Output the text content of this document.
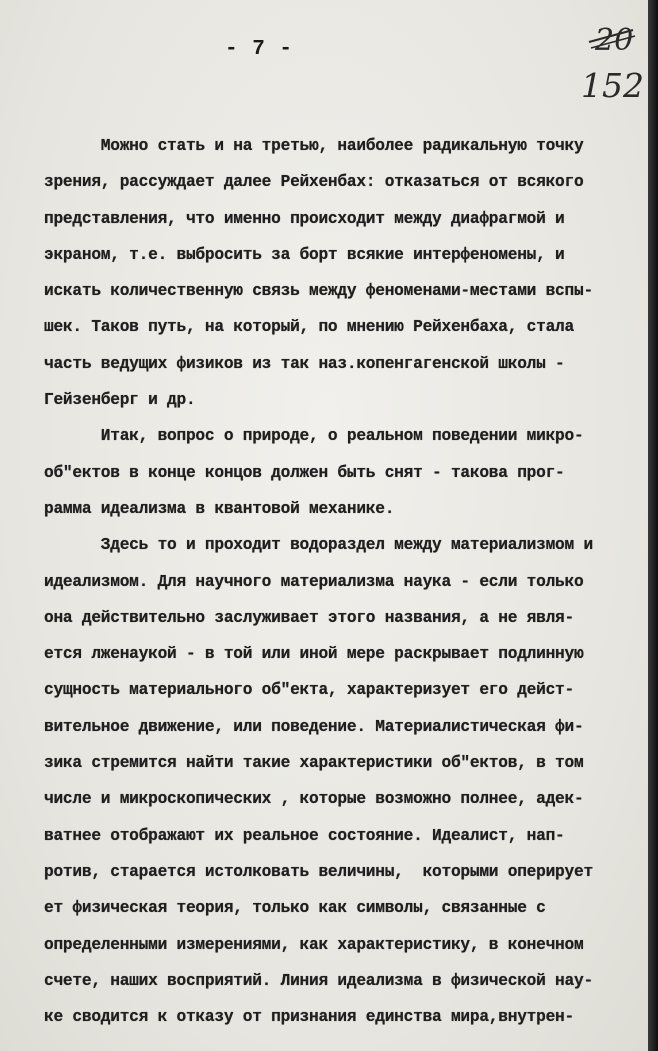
- 7 -	20
152
Можно стать и на третью, наиболее радикальную точку
зрения, рассуждает далее Рейхенбах: отказаться от всякого
представления, что именно происходит между диафрагмой и
экраном, т.е. выбросить за борт всякие интерфеномены, и
искать количественную связь между феноменами-местами вспы-
шек. Таков путь, на который, по мнению Рейхенбаха, стала
часть ведущих физиков из так наз.копенгагенской школы -
Гейзенберг и др.
Итак, вопрос о природе, о реальном поведении микро-
об"ектов в конце концов должен быть снят - такова прог-
рамма идеализма в квантовой механике.
Здесь то и проходит водораздел между материализмом и
идеализмом. Для научного материализма наука - если только
она действительно заслуживает этого названия, а не явля-
ется лженаукой - в той или иной мере раскрывает подлинную
сущность материального об"екта, характеризует его дейст-
вительное движение, или поведение. Материалистическая фи-
зика стремится найти такие характеристики об"ектов, в том
числе и микроскопических , которые возможно полнее, адек-
ватнее отображают их реальное состояние. Идеалист, нап-
ротив, старается истолковать величины,  которыми оперирует
ет физическая теория, только как символы, связанные с
определенными измерениями, как характеристику, в конечном
счете, наших восприятий. Линия идеализма в физической нау-
ке сводится к отказу от признания единства мира,внутрен-
